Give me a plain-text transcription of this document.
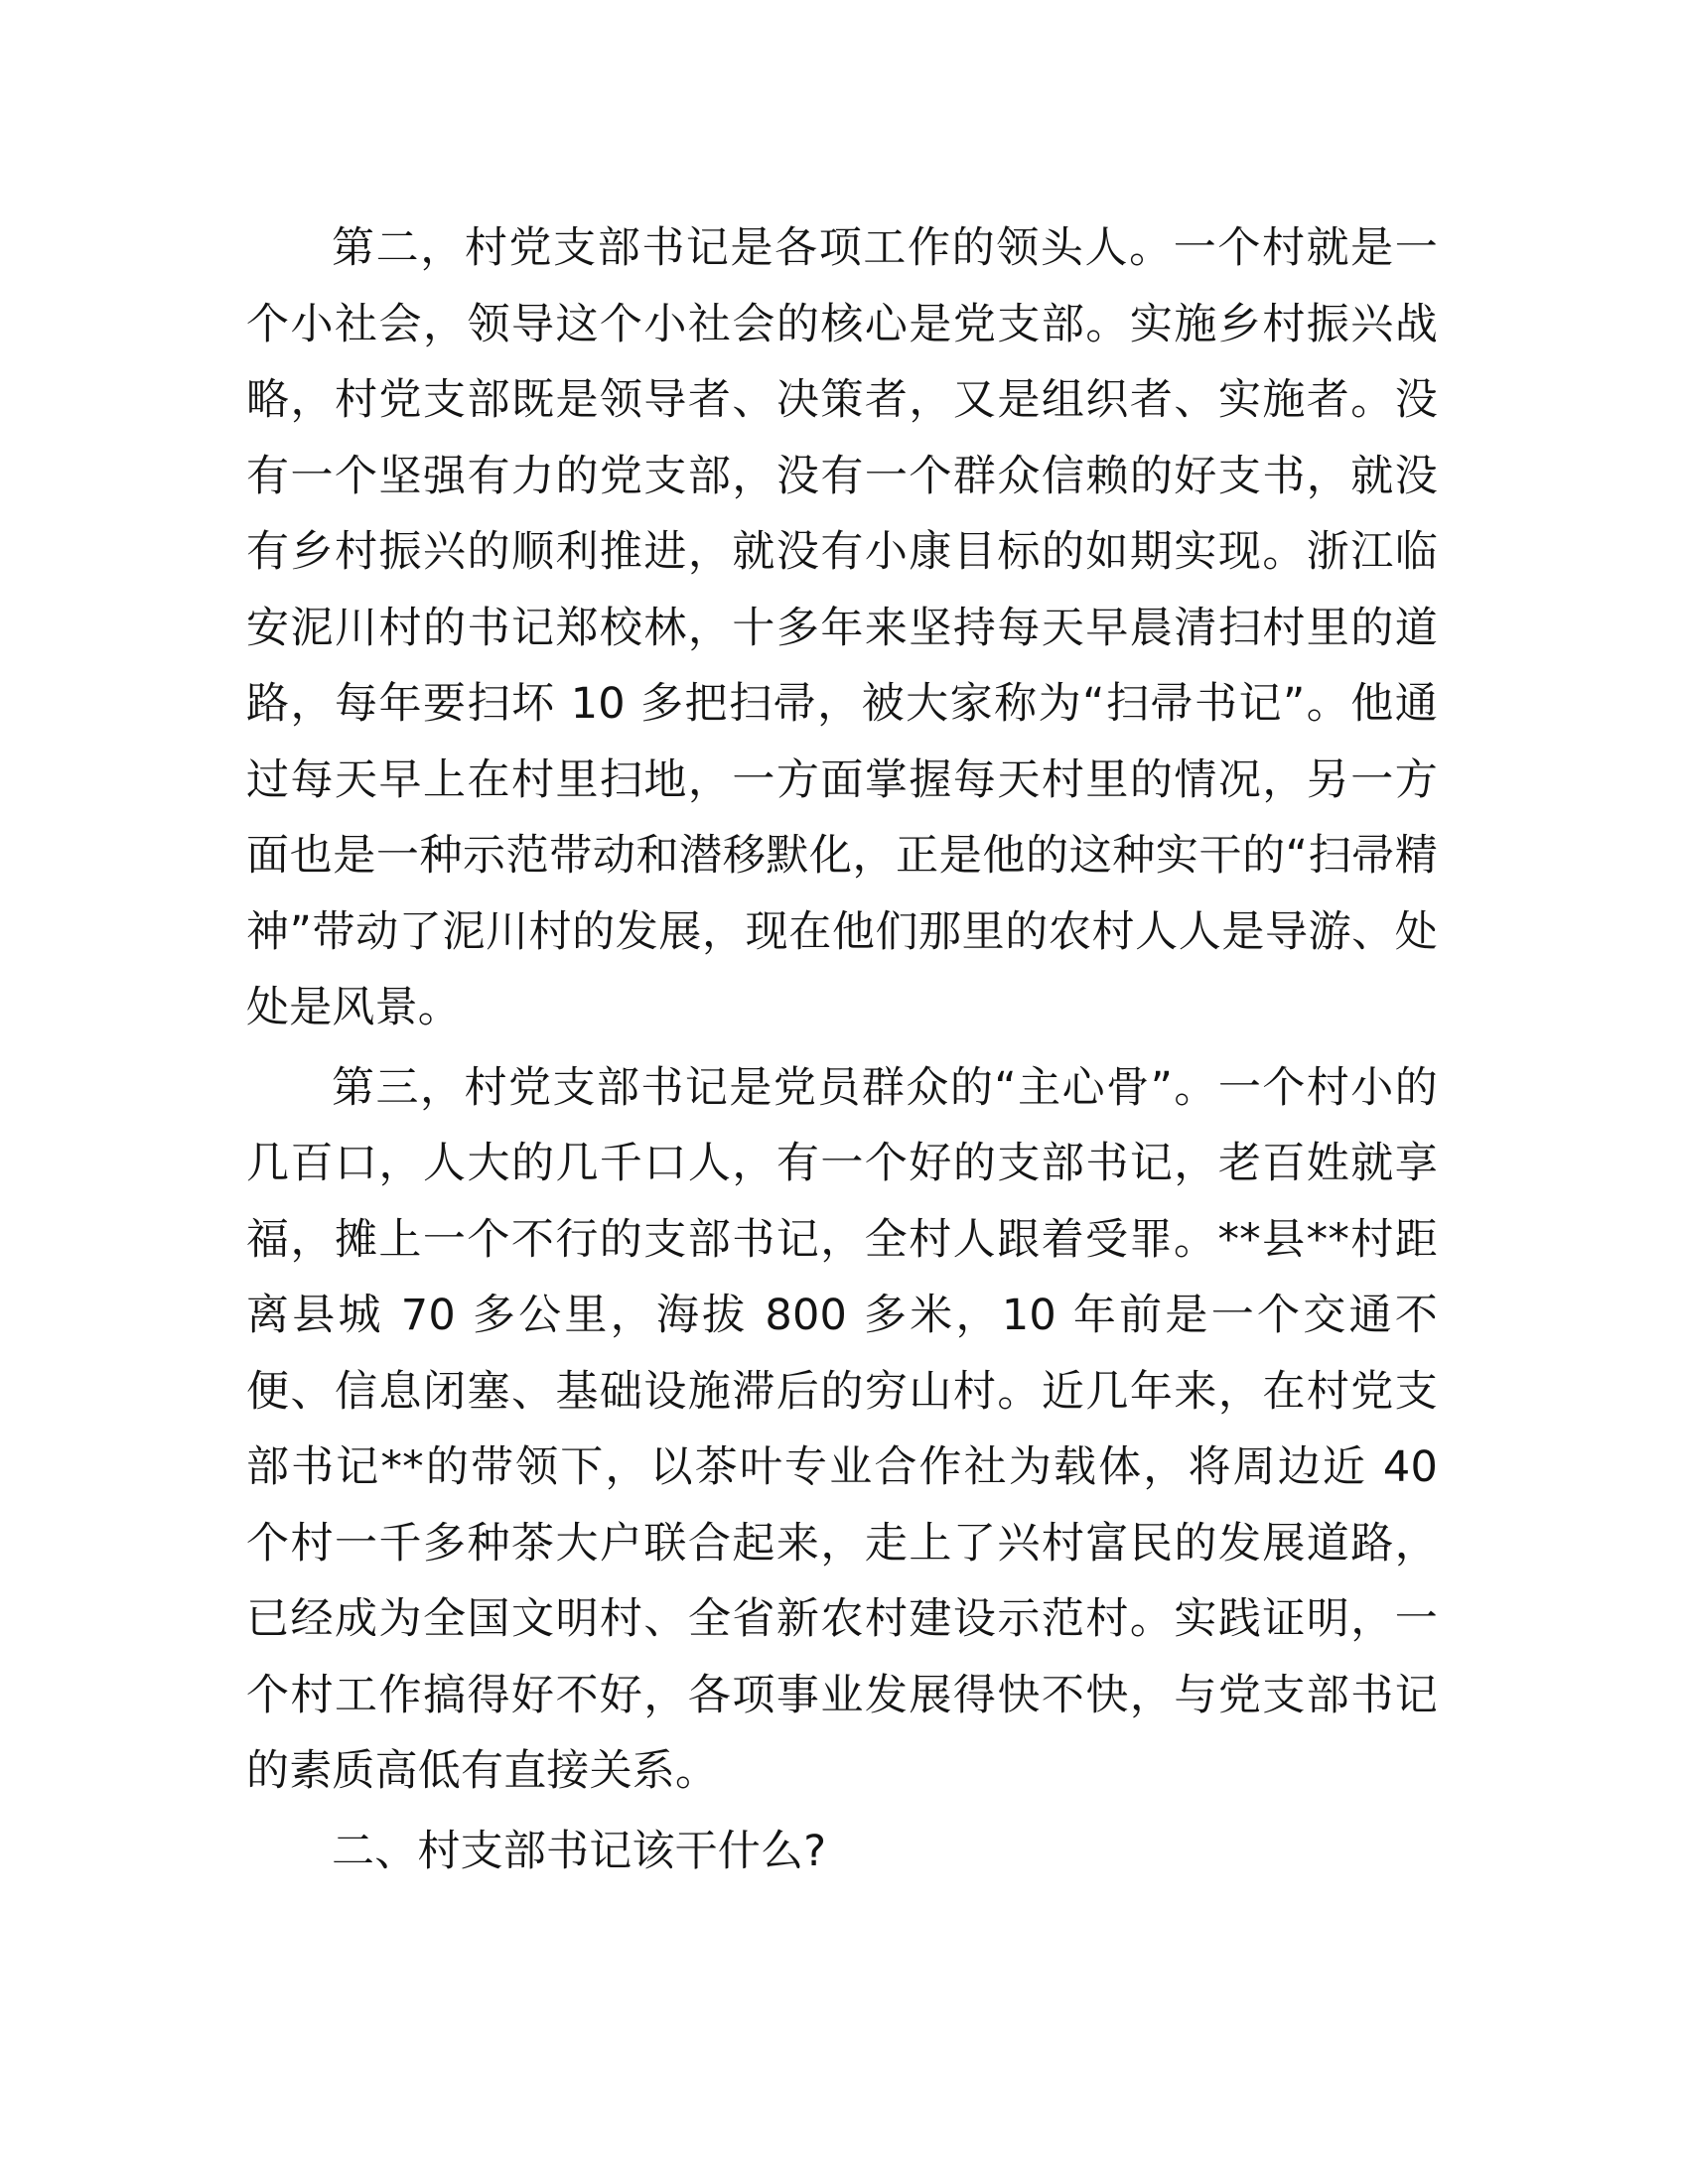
第二，村党支部书记是各项工作的领头人。一个村就是一个小社会，领导这个小社会的核心是党支部。实施乡村振兴战略，村党支部既是领导者、决策者，又是组织者、实施者。没有一个坚强有力的党支部，没有一个群众信赖的好支书，就没有乡村振兴的顺利推进，就没有小康目标的如期实现。浙江临安泥川村的书记郑校林，十多年来坚持每天早晨清扫村里的道路，每年要扫坏 10 多把扫帚，被大家称为“扫帚书记”。他通过每天早上在村里扫地，一方面掌握每天村里的情况，另一方面也是一种示范带动和潜移默化，正是他的这种实干的“扫帚精神”带动了泥川村的发展，现在他们那里的农村人人是导游、处处是风景。

第三，村党支部书记是党员群众的“主心骨”。一个村小的几百口，人大的几千口人，有一个好的支部书记，老百姓就享福，摊上一个不行的支部书记，全村人跟着受罪。**县**村距离县城 70 多公里，海拔 800 多米，10 年前是一个交通不便、信息闭塞、基础设施滞后的穷山村。近几年来，在村党支部书记**的带领下，以茶叶专业合作社为载体，将周边近 40 个村一千多种茶大户联合起来，走上了兴村富民的发展道路，已经成为全国文明村、全省新农村建设示范村。实践证明，一个村工作搞得好不好，各项事业发展得快不快，与党支部书记的素质高低有直接关系。

二、村支部书记该干什么?
